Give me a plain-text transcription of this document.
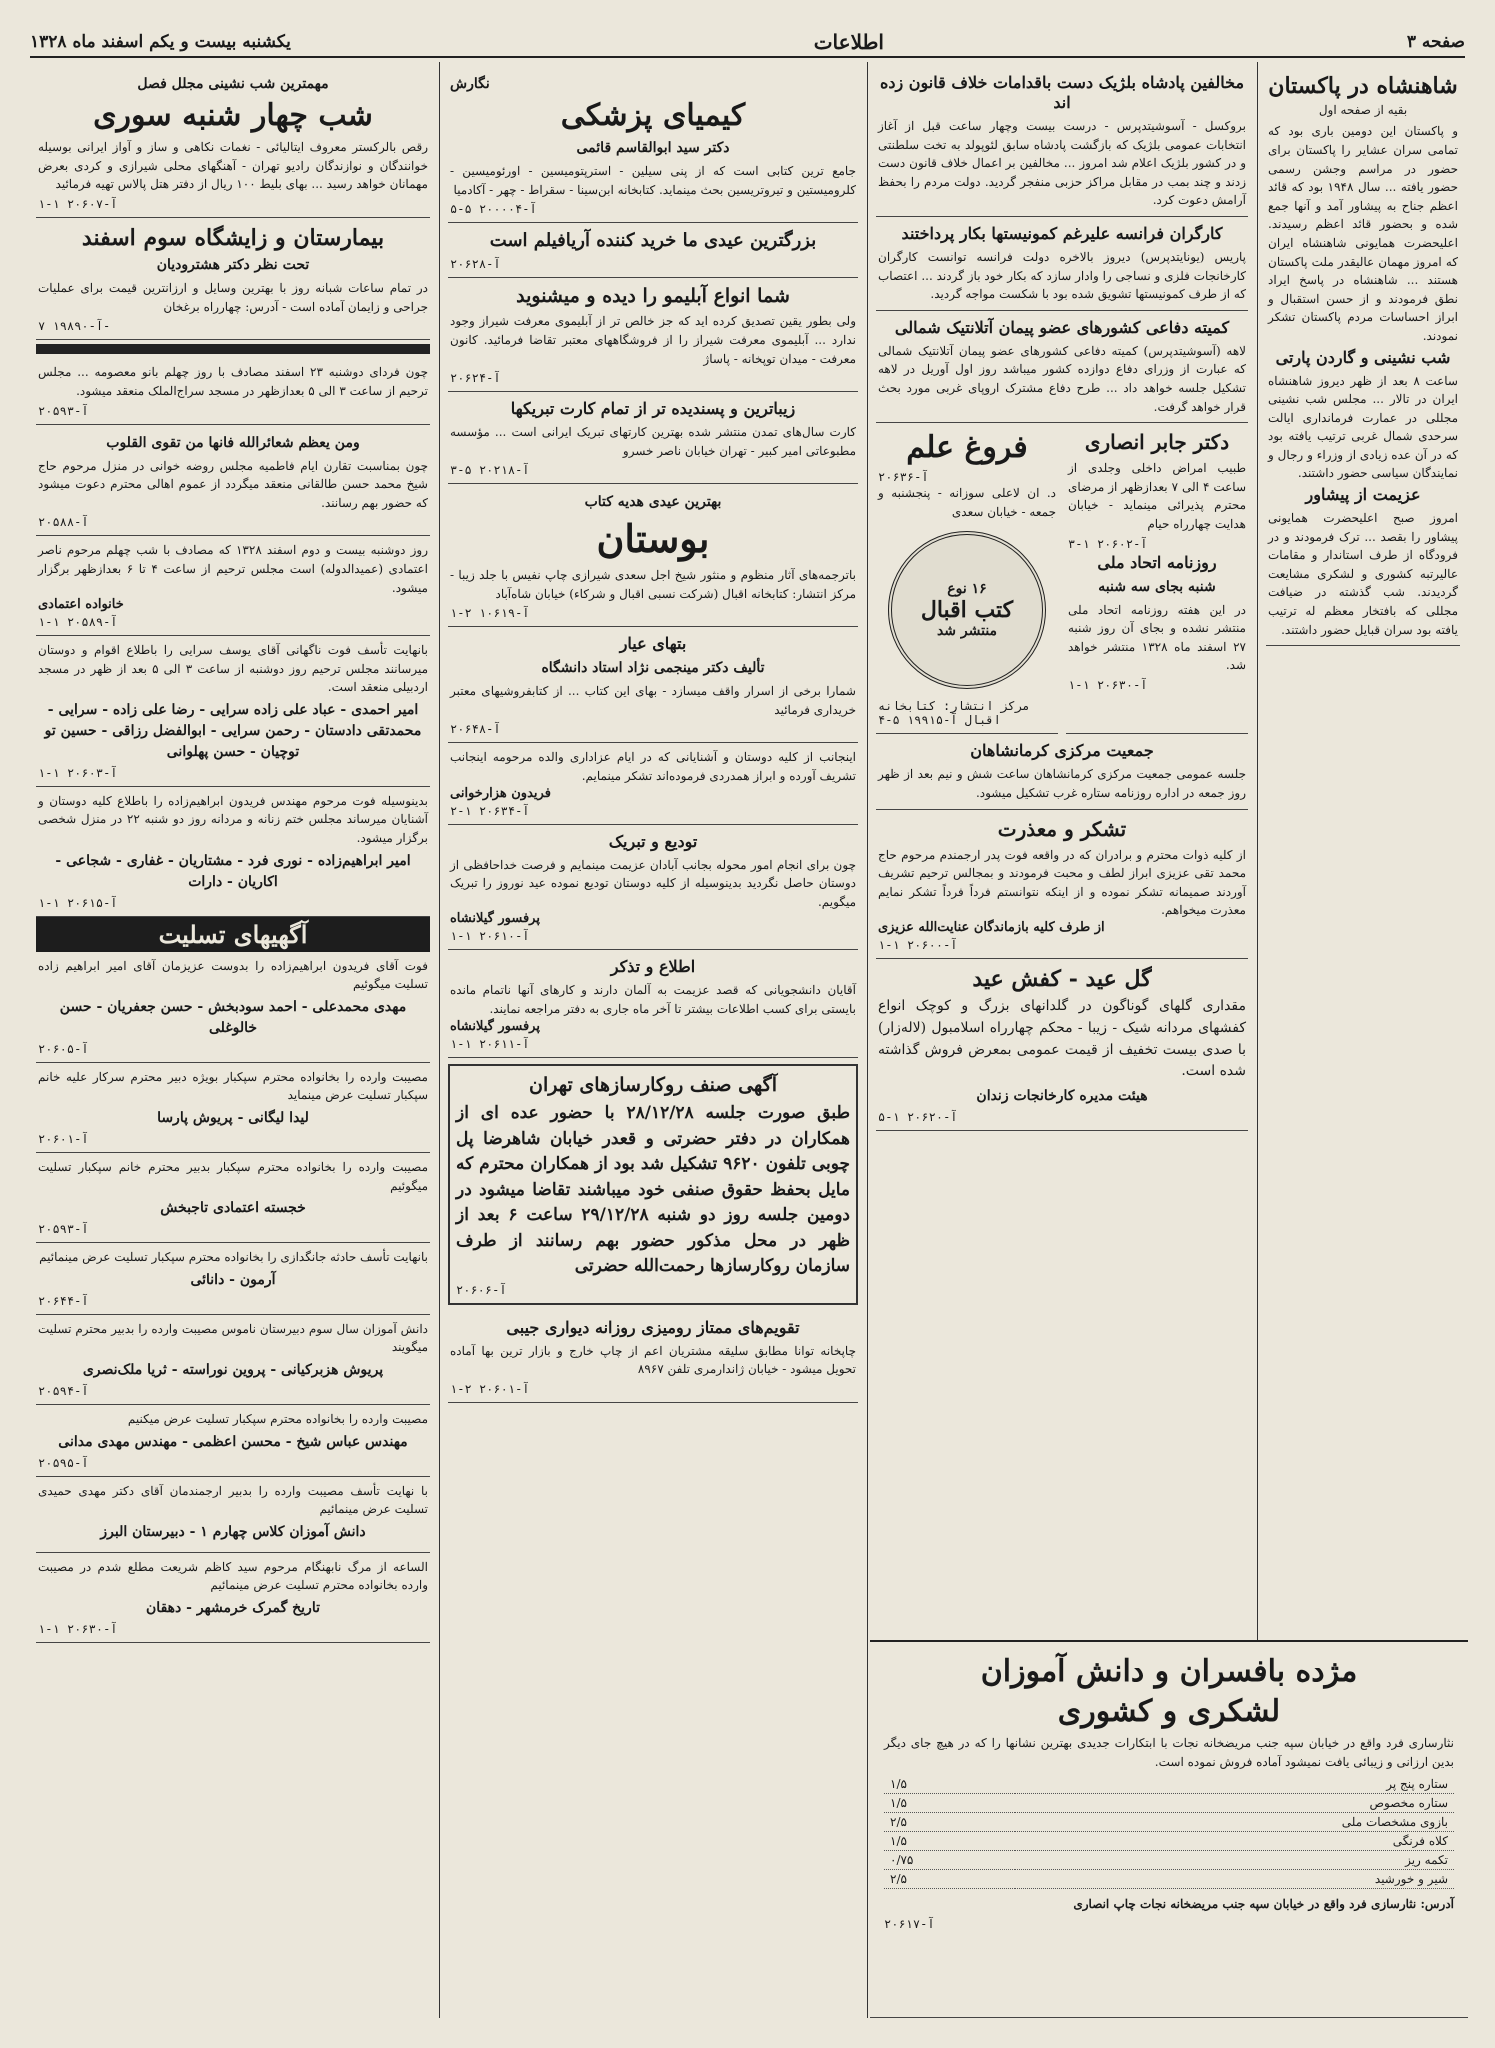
صفحه ۳
اطلاعات
یکشنبه بیست و یکم اسفند ماه ۱۳۲۸
شاهنشاه در پاکستان
بقیه از صفحه اول

و پاکستان این دومین باری بود که تمامی سران عشایر را پاکستان برای حضور در مراسم وجشن رسمی حضور یافته ... سال ۱۹۴۸ بود که قائد اعظم جناح به پیشاور آمد و آنها جمع شده و بحضور قائد اعظم رسیدند. اعلیحضرت همایونی شاهنشاه ایران که امروز مهمان عالیقدر ملت پاکستان هستند ... شاهنشاه در پاسخ ایراد نطق فرمودند و از حسن استقبال و ابراز احساسات مردم پاکستان تشکر نمودند.

شب نشینی و گاردن پارتی

ساعت ۸ بعد از ظهر دیروز شاهنشاه ایران در تالار ... مجلس شب نشینی مجللی در عمارت فرمانداری ایالت سرحدی شمال غربی ترتیب یافته بود که در آن عده زیادی از وزراء و رجال و نمایندگان سیاسی حضور داشتند.

عزیمت از پیشاور

امروز صبح اعلیحضرت همایونی پیشاور را بقصد ... ترک فرمودند و در فرودگاه از طرف استاندار و مقامات عالیرتبه کشوری و لشکری مشایعت گردیدند. شب گذشته در ضیافت مجللی که بافتخار معظم له ترتیب یافته بود سران قبایل حضور داشتند.

مخالفین پادشاه بلژیک دست باقدامات خلاف قانون زده اند

بروکسل - آسوشیتدپرس - درست بیست وچهار ساعت قبل از آغاز انتخابات عمومی بلژیک که بازگشت پادشاه سابق لئوپولد به تخت سلطنتی و در کشور بلژیک اعلام شد امروز ... مخالفین بر اعمال خلاف قانون دست زدند و چند بمب در مقابل مراکز حزبی منفجر گردید. دولت مردم را بحفظ آرامش دعوت کرد.

کارگران فرانسه علیرغم کمونیستها بکار پرداختند

پاریس (یونایتدپرس) دیروز بالاخره دولت فرانسه توانست کارگران کارخانجات فلزی و نساجی را وادار سازد که بکار خود باز گردند ... اعتصاب که از طرف کمونیستها تشویق شده بود با شکست مواجه گردید.

کمیته دفاعی کشورهای عضو پیمان آتلانتیک شمالی

لاهه (آسوشیتدپرس) کمیته دفاعی کشورهای عضو پیمان آتلانتیک شمالی که عبارت از وزرای دفاع دوازده کشور میباشد روز اول آوریل در لاهه تشکیل جلسه خواهد داد ... طرح دفاع مشترک اروپای غربی مورد بحث قرار خواهد گرفت.

دکتر جابر انصاری

طبیب امراض داخلی وجلدی از ساعت ۴ الی ۷ بعدازظهر از مرضای محترم پذیرائی مینماید - خیابان هدایت چهارراه حیام

آ-۲۰۶۰۲ ۱-۳
روزنامه اتحاد ملی
شنبه بجای سه شنبه

در این هفته روزنامه اتحاد ملی منتشر نشده و بجای آن روز شنبه ۲۷ اسفند ماه ۱۳۲۸ منتشر خواهد شد.

آ-۲۰۶۳۰ ۱-۱
فروغ علم
آ-۲۰۶۳۶

د. ان لاعلی سوزانه - پنجشنبه و جمعه - خیابان سعدی

۱۶ نوع
کتب اقبال
منتشر شد
مرکز انتشار: کتابخانه اقبال آ-۱۹۹۱۵ ۵-۴
جمعیت مرکزی کرمانشاهان

جلسه عمومی جمعیت مرکزی کرمانشاهان ساعت شش و نیم بعد از ظهر روز جمعه در اداره روزنامه ستاره غرب تشکیل میشود.

تشکر و معذرت

از کلیه ذوات محترم و برادران که در واقعه فوت پدر ارجمندم مرحوم حاج محمد تقی عزیزی ابراز لطف و محبت فرمودند و بمجالس ترحیم تشریف آوردند صمیمانه تشکر نموده و از اینکه نتوانستم فرداً فرداً تشکر نمایم معذرت میخواهم.

از طرف کلیه بازماندگان عنایت‌الله عزیزی
آ-۲۰۶۰۰ ۱-۱
گل عید - کفش عید

مقداری گلهای گوناگون در گلدانهای بزرگ و کوچک انواع کفشهای مردانه شیک - زیبا - محکم چهارراه اسلامبول (لاله‌زار) با صدی بیست تخفیف از قیمت عمومی بمعرض فروش گذاشته شده است.

هیئت مدیره کارخانجات زندان
آ-۲۰۶۲۰ ۱-۵
نگارش
کیمیای پزشکی
دکتر سید ابوالقاسم قائمی

جامع ترین کتابی است که از پنی سیلین - استرپتومیسین - اورئومیسین - کلرومیستین و تیروتریسین بحث مینماید. کتابخانه ابن‌سینا - سقراط - چهر - آکادمیا

آ-۲۰۰۰۰۴ ۵-۵
بزرگترین عیدی ما خرید کننده آریافیلم است
آ-۲۰۶۲۸
شما انواع آبلیمو را دیده و میشنوید

ولی بطور یقین تصدیق کرده اید که جز خالص تر از آبلیموی معرفت شیراز وجود ندارد ... آبلیموی معرفت شیراز را از فروشگاههای معتبر تقاضا فرمائید. کانون معرفت - میدان توپخانه - پاساژ

آ-۲۰۶۲۴
زیباترین و پسندیده تر از تمام کارت تبریکها

کارت سال‌های تمدن منتشر شده بهترین کارتهای تبریک ایرانی است ... مؤسسه مطبوعاتی امیر کبیر - تهران خیابان ناصر خسرو

آ-۲۰۲۱۸ ۵-۳
بهترین عیدی هدیه کتاب
بوستان

باترجمه‌های آثار منظوم و منثور شیخ اجل سعدی شیرازی چاپ نفیس با جلد زیبا - مرکز انتشار: کتابخانه اقبال (شرکت نسبی اقبال و شرکاء) خیابان شاه‌آباد

آ-۱۰۶۱۹ ۲-۱
بتهای عیار
تألیف دکتر مینجمی نژاد استاد دانشگاه

شمارا برخی از اسرار واقف میسازد - بهای این کتاب ... از کتابفروشیهای معتبر خریداری فرمائید

آ-۲۰۶۴۸

اینجانب از کلیه دوستان و آشنایانی که در ایام عزاداری والده مرحومه اینجانب تشریف آورده و ابراز همدردی فرموده‌اند تشکر مینمایم.

فریدون هزارخوانی
آ-۲۰۶۳۴ ۱-۲
تودیع و تبریک

چون برای انجام امور محوله بجانب آبادان عزیمت مینمایم و فرصت خداحافظی از دوستان حاصل نگردید بدینوسیله از کلیه دوستان تودیع نموده عید نوروز را تبریک میگویم.

پرفسور گیلانشاه
آ-۲۰۶۱۰ ۱-۱
اطلاع و تذکر

آقایان دانشجویانی که قصد عزیمت به آلمان دارند و کارهای آنها ناتمام مانده بایستی برای کسب اطلاعات بیشتر تا آخر ماه جاری به دفتر مراجعه نمایند.

پرفسور گیلانشاه
آ-۲۰۶۱۱ ۱-۱
آگهی صنف روکارسازهای تهران

طبق صورت جلسه ۲۸/۱۲/۲۸ با حضور عده ای از همکاران در دفتر حضرتی و قعدر خیابان شاهرضا پل چوبی تلفون ۹۶۲۰ تشکیل شد بود از همکاران محترم که مایل بحفظ حقوق صنفی خود میباشند تقاضا میشود در دومین جلسه روز دو شنبه ۲۹/۱۲/۲۸ ساعت ۶ بعد از ظهر در محل مذکور حضور بهم رسانند از طرف سازمان روکارسازها رحمت‌الله حضرتی

آ-۲۰۶۰۶
تقویم‌های ممتاز رومیزی روزانه دیواری جیبی

چاپخانه توانا مطابق سلیقه مشتریان اعم از چاپ خارج و بازار ترین بها آماده تحویل میشود - خیابان ژاندارمری تلفن ۸۹۶۷

آ-۲۰۶۰۱ ۲-۱
مهمترین شب نشینی مجلل فصل
شب چهار شنبه سوری

رقص بالرکستر معروف ایتالیائی - نغمات نکاهی و ساز و آواز ایرانی بوسیله خوانندگان و نوازندگان رادیو تهران - آهنگهای محلی شیرازی و کردی بعرض مهمانان خواهد رسید ... بهای بلیط ۱۰۰ ریال از دفتر هتل پالاس تهیه فرمائید

آ-۲۰۶۰۷ ۱-۱
بیمارستان و زایشگاه سوم اسفند
تحت نظر دکتر هشترودیان

در تمام ساعات شبانه روز با بهترین وسایل و ارزانترین قیمت برای عملیات جراحی و زایمان آماده است - آدرس: چهارراه برغخان

آ-۱۹۸۹۰ ۷-

چون فردای دوشنبه ۲۳ اسفند مصادف با روز چهلم بانو معصومه ... مجلس ترحیم از ساعت ۳ الی ۵ بعدازظهر در مسجد سراج‌الملک منعقد میشود.

آ-۲۰۵۹۳
ومن یعظم شعائرالله فانها من تقوی القلوب

چون بمناسبت تقارن ایام فاطمیه مجلس روضه خوانی در منزل مرحوم حاج شیخ محمد حسن طالقانی منعقد میگردد از عموم اهالی محترم دعوت میشود که حضور بهم رسانند.

آ-۲۰۵۸۸

روز دوشنبه بیست و دوم اسفند ۱۳۲۸ که مصادف با شب چهلم مرحوم ناصر اعتمادی (عمیدالدوله) است مجلس ترحیم از ساعت ۴ تا ۶ بعدازظهر برگزار میشود.

خانواده اعتمادی
آ-۲۰۵۸۹ ۱-۱

بانهایت تأسف فوت ناگهانی آقای یوسف سرایی را باطلاع اقوام و دوستان میرسانند مجلس ترحیم روز دوشنبه از ساعت ۳ الی ۵ بعد از ظهر در مسجد اردبیلی منعقد است.

امیر احمدی - عباد علی زاده سرایی - رضا علی زاده - سرایی - محمدتقی دادستان - رحمن سرایی - ابوالفضل رزاقی - حسین تو توچیان - حسن پهلوانی
آ-۲۰۶۰۳ ۱-۱

بدینوسیله فوت مرحوم مهندس فریدون ابراهیم‌زاده را باطلاع کلیه دوستان و آشنایان میرساند مجلس ختم زنانه و مردانه روز دو شنبه ۲۲ در منزل شخصی برگزار میشود.

امیر ابراهیم‌زاده - نوری فرد - مشتاریان - غفاری - شجاعی - اکاریان - دارات
آ-۲۰۶۱۵ ۱-۱
آگهیهای تسلیت

فوت آقای فریدون ابراهیم‌زاده را بدوست عزیزمان آقای امیر ابراهیم زاده تسلیت میگوئیم

مهدی محمدعلی - احمد سودبخش - حسن جعفریان - حسن خالوغلی
آ-۲۰۶۰۵

مصیبت وارده را بخانواده محترم سپکبار بویژه دبیر محترم سرکار علیه خانم سپکبار تسلیت عرض مینماید

لیدا لیگانی - پریوش پارسا
آ-۲۰۶۰۱

مصیبت وارده را بخانواده محترم سپکبار بدبیر محترم خانم سپکبار تسلیت میگوئیم

خجسته اعتمادی تاجبخش
آ-۲۰۵۹۳

بانهایت تأسف حادثه جانگدازی را بخانواده محترم سپکبار تسلیت عرض مینمائیم

آرمون - دانائی
آ-۲۰۶۴۴

دانش آموزان سال سوم دبیرستان ناموس مصیبت وارده را بدبیر محترم تسلیت میگویند

پریوش هزبرکیانی - پروین نوراسته - ثریا ملک‌نصری
آ-۲۰۵۹۴

مصیبت وارده را بخانواده محترم سپکبار تسلیت عرض میکنیم

مهندس عباس شیخ - محسن اعظمی - مهندس مهدی مدانی
آ-۲۰۵۹۵

با نهایت تأسف مصیبت وارده را بدبیر ارجمندمان آقای دکتر مهدی حمیدی تسلیت عرض مینمائیم

دانش آموزان کلاس چهارم ۱ - دبیرستان البرز

الساعه از مرگ نابهنگام مرحوم سید کاظم شریعت مطلع شدم در مصیبت وارده بخانواده محترم تسلیت عرض مینمائیم

تاریخ گمرک خرمشهر - دهقان
آ-۲۰۶۳۰ ۱-۱
مژده بافسران و دانش آموزان
لشکری و کشوری

نثارساری فرد واقع در خیابان سپه جنب مریضخانه نجات با ابتکارات جدیدی بهترین نشانها را که در هیچ جای دیگر بدین ارزانی و زیبائی یافت نمیشود آماده فروش نموده است.

ستاره پنج پر	۱/۵
ستاره مخصوص	۱/۵
بازوی مشخصات ملی	۲/۵
کلاه فرنگی	۱/۵
تکمه ریز	۰/۷۵
شیر و خورشید	۲/۵

آدرس: نثارسازی فرد واقع در خیابان سپه جنب مریضخانه نجات چاپ انصاری

آ-۲۰۶۱۷
